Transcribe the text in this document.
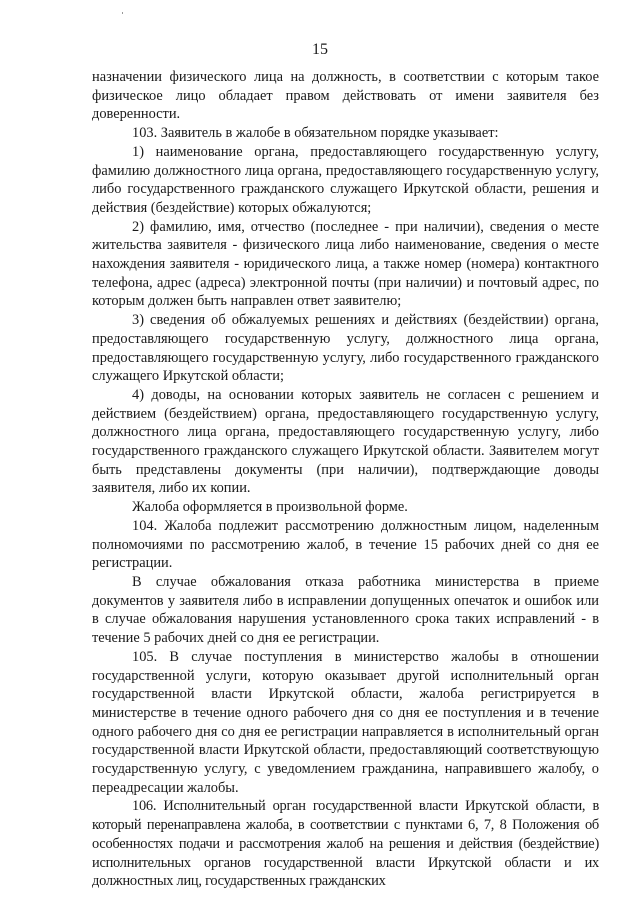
15

назначении физического лица на должность, в соответствии с которым такое физическое лицо обладает правом действовать от имени заявителя без доверенности.

103. Заявитель в жалобе в обязательном порядке указывает:

1) наименование органа, предоставляющего государственную услугу, фамилию должностного лица органа, предоставляющего государственную услугу, либо государственного гражданского служащего Иркутской области, решения и действия (бездействие) которых обжалуются;

2) фамилию, имя, отчество (последнее - при наличии), сведения о месте жительства заявителя - физического лица либо наименование, сведения о месте нахождения заявителя - юридического лица, а также номер (номера) контактного телефона, адрес (адреса) электронной почты (при наличии) и почтовый адрес, по которым должен быть направлен ответ заявителю;

3) сведения об обжалуемых решениях и действиях (бездействии) органа, предоставляющего государственную услугу, должностного лица органа, предоставляющего государственную услугу, либо государственного гражданского служащего Иркутской области;

4) доводы, на основании которых заявитель не согласен с решением и действием (бездействием) органа, предоставляющего государственную услугу, должностного лица органа, предоставляющего государственную услугу, либо государственного гражданского служащего Иркутской области. Заявителем могут быть представлены документы (при наличии), подтверждающие доводы заявителя, либо их копии.

Жалоба оформляется в произвольной форме.

104. Жалоба подлежит рассмотрению должностным лицом, наделенным полномочиями по рассмотрению жалоб, в течение 15 рабочих дней со дня ее регистрации.

В случае обжалования отказа работника министерства в приеме документов у заявителя либо в исправлении допущенных опечаток и ошибок или в случае обжалования нарушения установленного срока таких исправлений - в течение 5 рабочих дней со дня ее регистрации.

105. В случае поступления в министерство жалобы в отношении государственной услуги, которую оказывает другой исполнительный орган государственной власти Иркутской области, жалоба регистрируется в министерстве в течение одного рабочего дня со дня ее поступления и в течение одного рабочего дня со дня ее регистрации направляется в исполнительный орган государственной власти Иркутской области, предоставляющий соответствующую государственную услугу, с уведомлением гражданина, направившего жалобу, о переадресации жалобы.

106. Исполнительный орган государственной власти Иркутской области, в который перенаправлена жалоба, в соответствии с пунктами 6, 7, 8 Положения об особенностях подачи и рассмотрения жалоб на решения и действия (бездействие) исполнительных органов государственной власти Иркутской области и их должностных лиц, государственных гражданских
